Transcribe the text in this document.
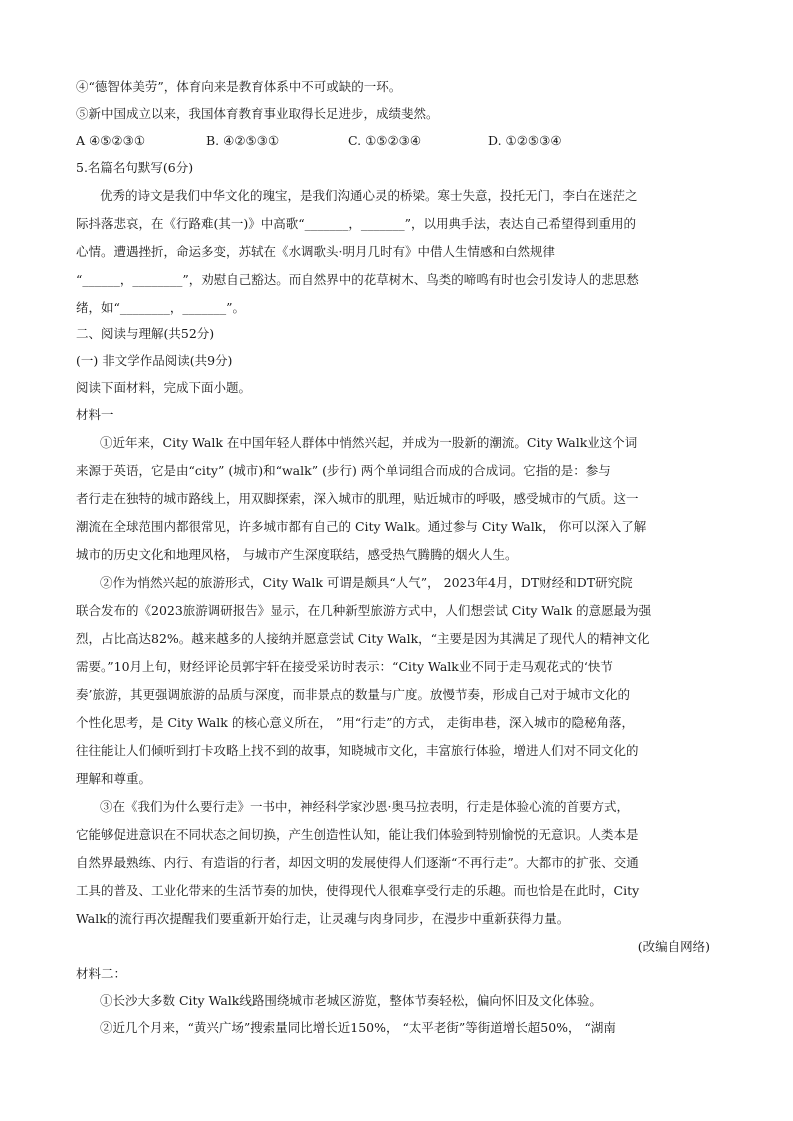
④“德智体美劳”，体育向来是教育体系中不可或缺的一环。
⑤新中国成立以来，我国体育教育事业取得长足进步，成绩斐然。
A ④⑤②③①	B. ④②⑤③①	C. ①⑤②③④	D. ①②⑤③④
5.名篇名句默写(6分)
优秀的诗文是我们中华文化的瑰宝，是我们沟通心灵的桥梁。寒士失意，投托无门，李白在迷茫之
际抖落悲哀，在《行路难(其一)》中高歌“_______，_______”，以用典手法，表达自己希望得到重用的
心情。遭遇挫折，命运多变，苏轼在《水调歌头·明月几时有》中借人生情感和白然规律
“______，________”，劝慰自己豁达。而自然界中的花草树木、鸟类的啼鸣有时也会引发诗人的悲思愁
绪，如“________，_______”。
二、阅读与理解(共52分)
(一) 非文学作品阅读(共9分)
阅读下面材料，完成下面小题。
材料一
①近年来，City Walk 在中国年轻人群体中悄然兴起，并成为一股新的潮流。City Walk业这个词
来源于英语，它是由“city” (城市)和“walk” (步行) 两个单词组合而成的合成词。它指的是：参与
者行走在独特的城市路线上，用双脚探索，深入城市的肌理，贴近城市的呼吸，感受城市的气质。这一
潮流在全球范围内都很常见，许多城市都有自己的 City Walk。通过参与 City Walk， 你可以深入了解
城市的历史文化和地理风格， 与城市产生深度联结，感受热气腾腾的烟火人生。
②作为悄然兴起的旅游形式，City Walk 可谓是颇具“人气”， 2023年4月，DT财经和DT研究院
联合发布的《2023旅游调研报告》显示，在几种新型旅游方式中，人们想尝试 City Walk 的意愿最为强
烈，占比高达82%。越来越多的人接纳并愿意尝试 City Walk，“主要是因为其满足了现代人的精神文化
需要。”10月上旬，财经评论员郭宇轩在接受采访时表示：“City Walk业不同于走马观花式的‘快节
奏’旅游，其更强调旅游的品质与深度，而非景点的数量与广度。放慢节奏，形成自己对于城市文化的
个性化思考，是 City Walk 的核心意义所在， ”用“行走”的方式， 走街串巷，深入城市的隐秘角落，
往往能让人们倾听到打卡攻略上找不到的故事，知晓城市文化，丰富旅行体验，增进人们对不同文化的
理解和尊重。
③在《我们为什么要行走》一书中，神经科学家沙恩·奥马拉表明，行走是体验心流的首要方式，
它能够促进意识在不同状态之间切换，产生创造性认知，能让我们体验到特别愉悦的无意识。人类本是
自然界最熟练、内行、有造诣的行者，却因文明的发展使得人们逐渐“不再行走”。大都市的扩张、交通
工具的普及、工业化带来的生活节奏的加快，使得现代人很难享受行走的乐趣。而也恰是在此时，City
Walk的流行再次提醒我们要重新开始行走，让灵魂与肉身同步，在漫步中重新获得力量。
(改编自网络)
材料二：
①长沙大多数 City Walk线路围绕城市老城区游览，整体节奏轻松，偏向怀旧及文化体验。
②近几个月来，“黄兴广场”搜索量同比增长近150%， “太平老街”等街道增长超50%， “湖南
